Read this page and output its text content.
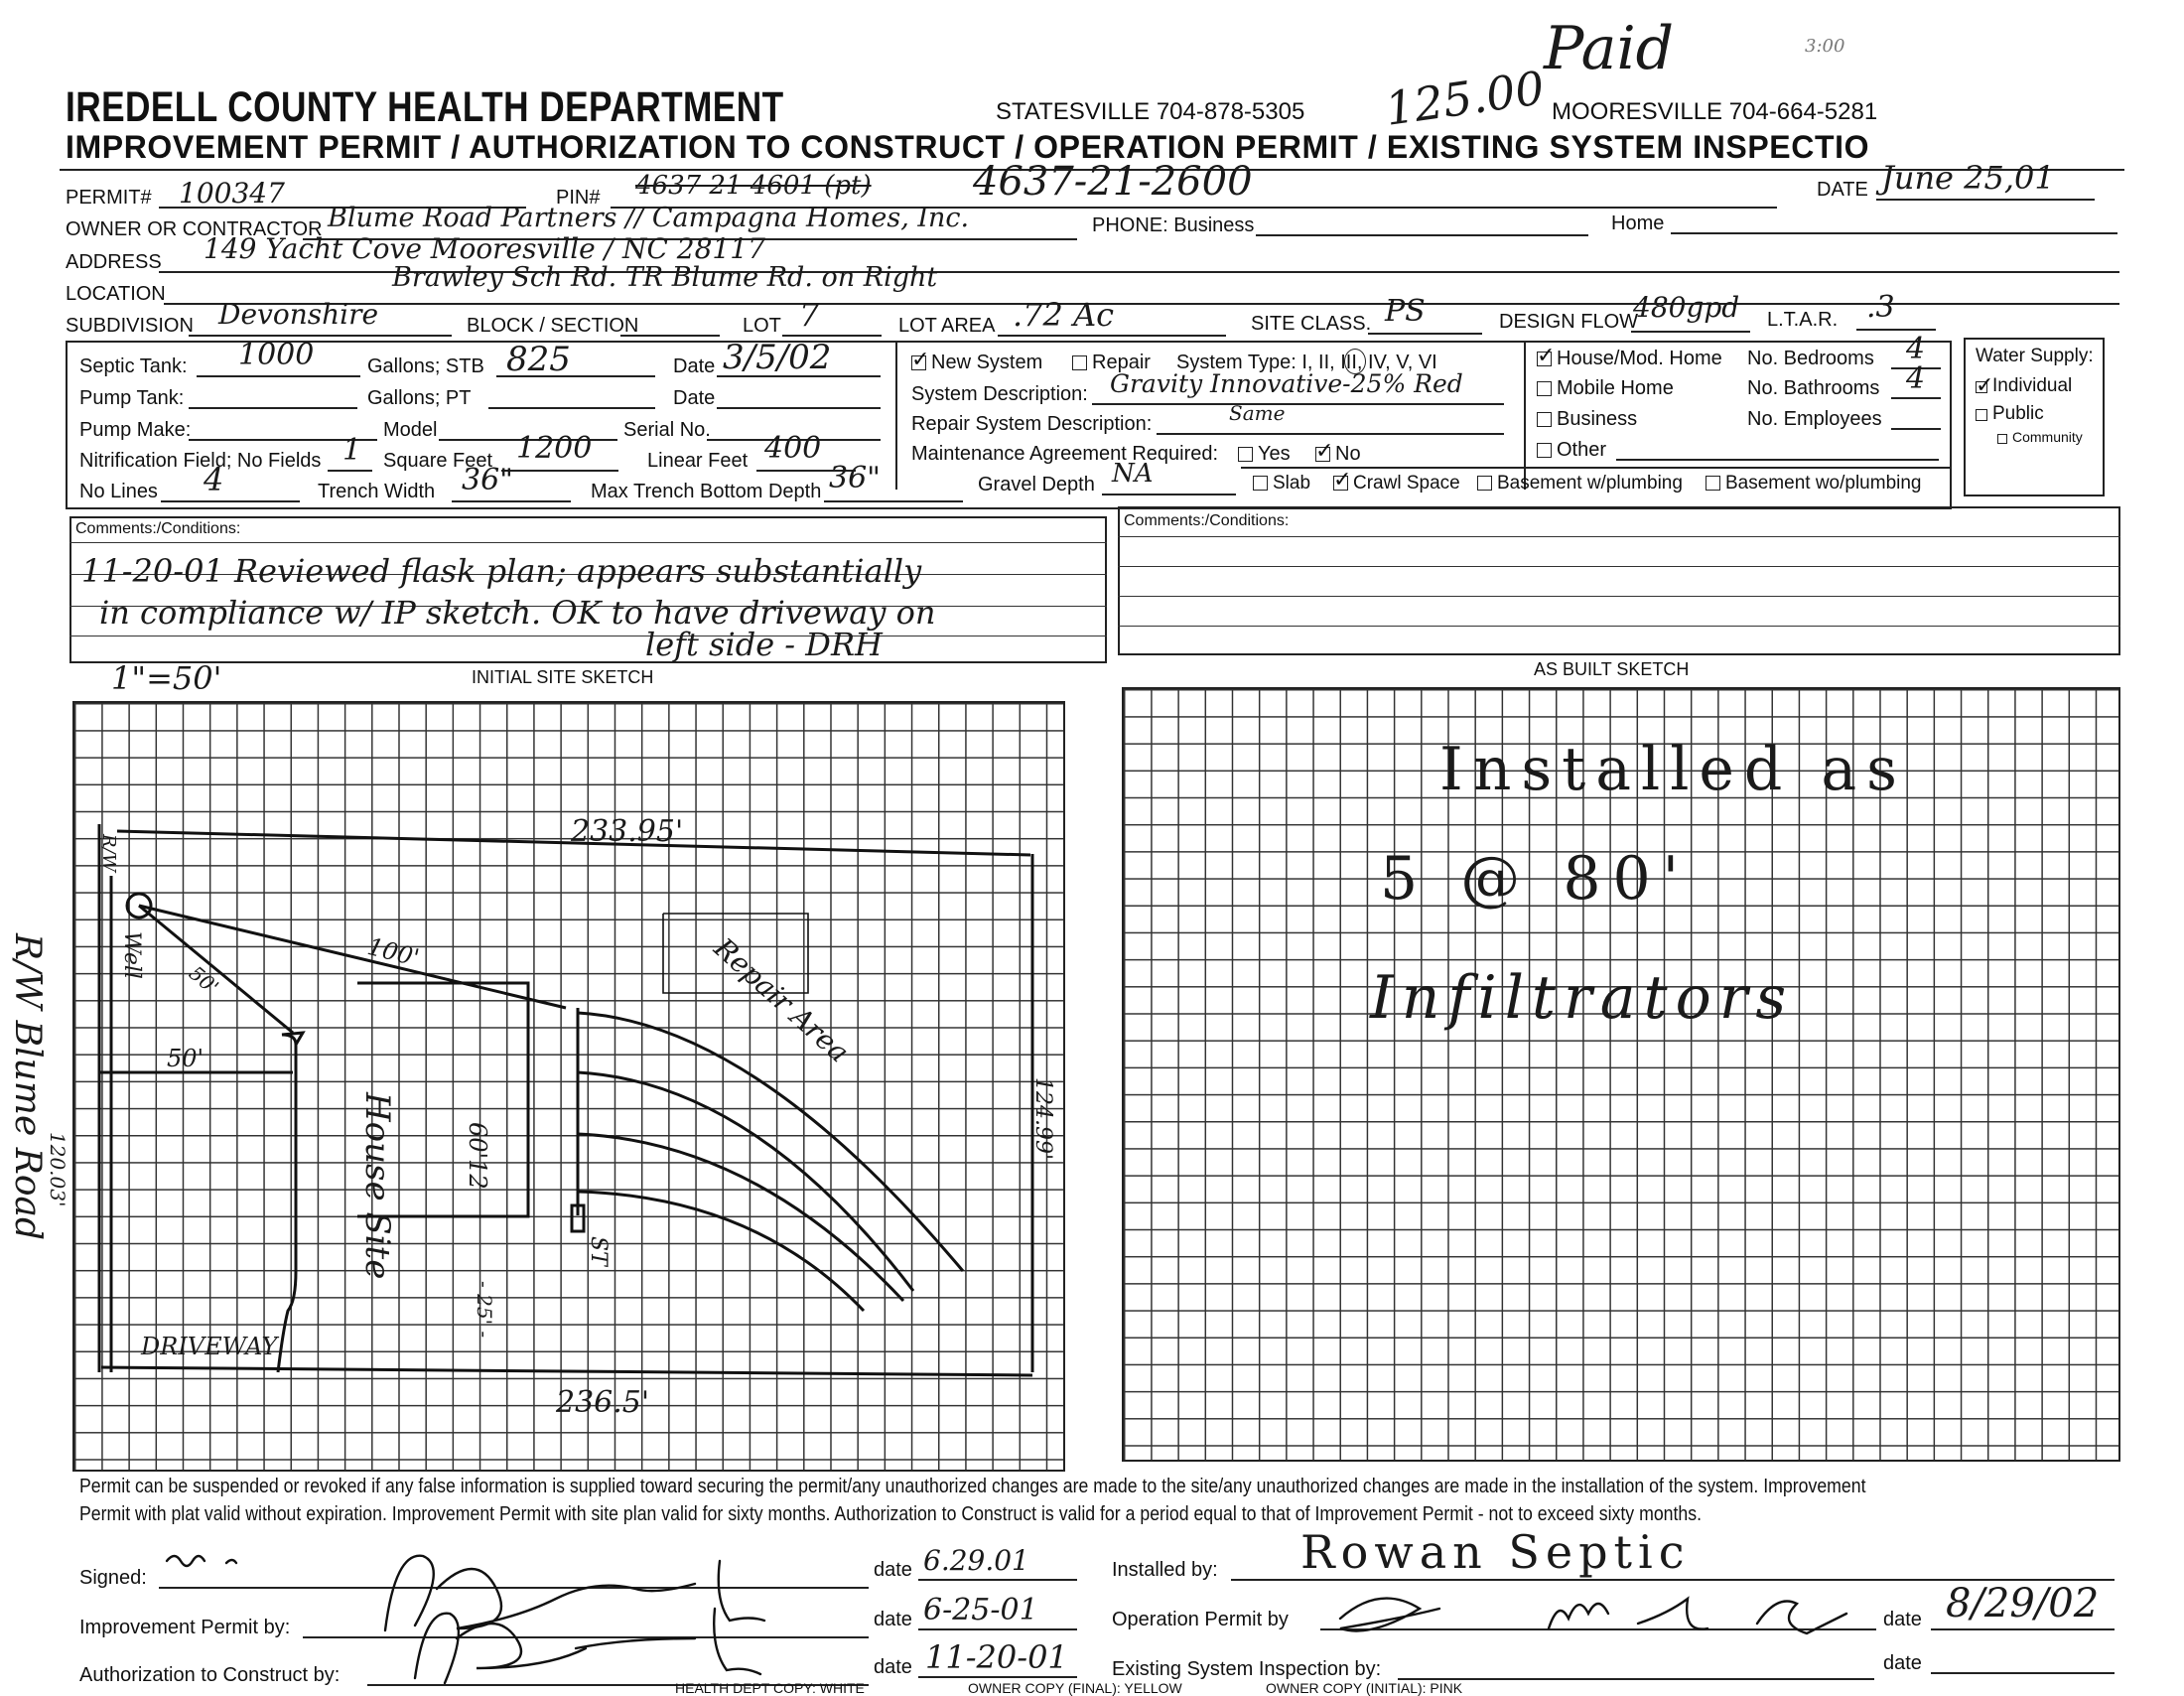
IREDELL COUNTY HEALTH DEPARTMENT	STATESVILLE 704-878-5305 125.00
Paid	3:00
MOORESVILLE 704-664-5281
IMPROVEMENT PERMIT / AUTHORIZATION TO CONSTRUCT / OPERATION PERMIT / EXISTING SYSTEM INSPECTIO
PERMIT# 100347	PIN# 4637 21 4601 (pt)	4637-21-2600	DATE June 25,01
OWNER OR CONTRACTOR Blume Road Partners // Campagna Homes, Inc.	PHONE: Business	Home
ADDRESS 149 Yacht Cove Mooresville / NC 28117
LOCATION
Brawley Sch Rd. TR Blume Rd. on Right
SUBDIVISION Devonshire	BLOCK / SECTION	LOT 7	LOT AREA .72 Ac	SITE CLASS. PS	DESIGN FLOW
480gpd L.T.A.R. .3
Septic Tank: 1000	Gallons; STB 825	Date 3/5/02
Pump Tank:	Gallons; PT	Date
Pump Make:	Model	Serial No.
Nitrification Field; No Fields 1 Square Feet 1200	Linear Feet 400
No Lines 4	Trench Width 36"	Max Trench Bottom Depth 36"
✓New System	Repair System Type: I, II, III, IV, V, VI
System Description: Gravity Innovative-25% Red
Repair System Description:	Same
Maintenance Agreement Required:	Yes ✓	No
Gravel Depth NA	Slab ✓	Crawl Space	Basement w/plumbing	Basement wo/plumbing
✓House/Mod. Home
Mobile Home
Business
Other
No. Bedrooms 4
No. Bathrooms 4
No. Employees
Water Supply:
✓Individual
Public
Community
Comments:/Conditions:
11-20-01 Reviewed flask plan; appears substantially
in compliance w/ IP sketch. OK to have driveway on
left side - DRH
Comments:/Conditions:
1"=50'	INITIAL SITE SKETCH
233.95'
236.5'
120.03'
124.99'
Well
50'
100'
50'	Repair Area
House Site	60'12
- 25' -
ST
DRIVEWAY
R/W
R/W Blume Road
AS BUILT SKETCH
Installed as
5 @ 80'
Infiltrators
Permit can be suspended or revoked if any false information is supplied toward securing the permit/any unauthorized changes are made to the site/any unauthorized changes are made in the installation of the system. Improvement
Permit with plat valid without expiration. Improvement Permit with site plan valid for sixty months. Authorization to Construct is valid for a period equal to that of Improvement Permit - not to exceed sixty months.
Signed:	date 6.29.01
Improvement Permit by:	date 6-25-01
Authorization to Construct by:	date 11-20-01
Installed by: Rowan Septic
Operation Permit by	date 8/29/02
Existing System Inspection by:	date
HEALTH DEPT COPY: WHITE	OWNER COPY (FINAL): YELLOW	OWNER COPY (INITIAL): PINK
